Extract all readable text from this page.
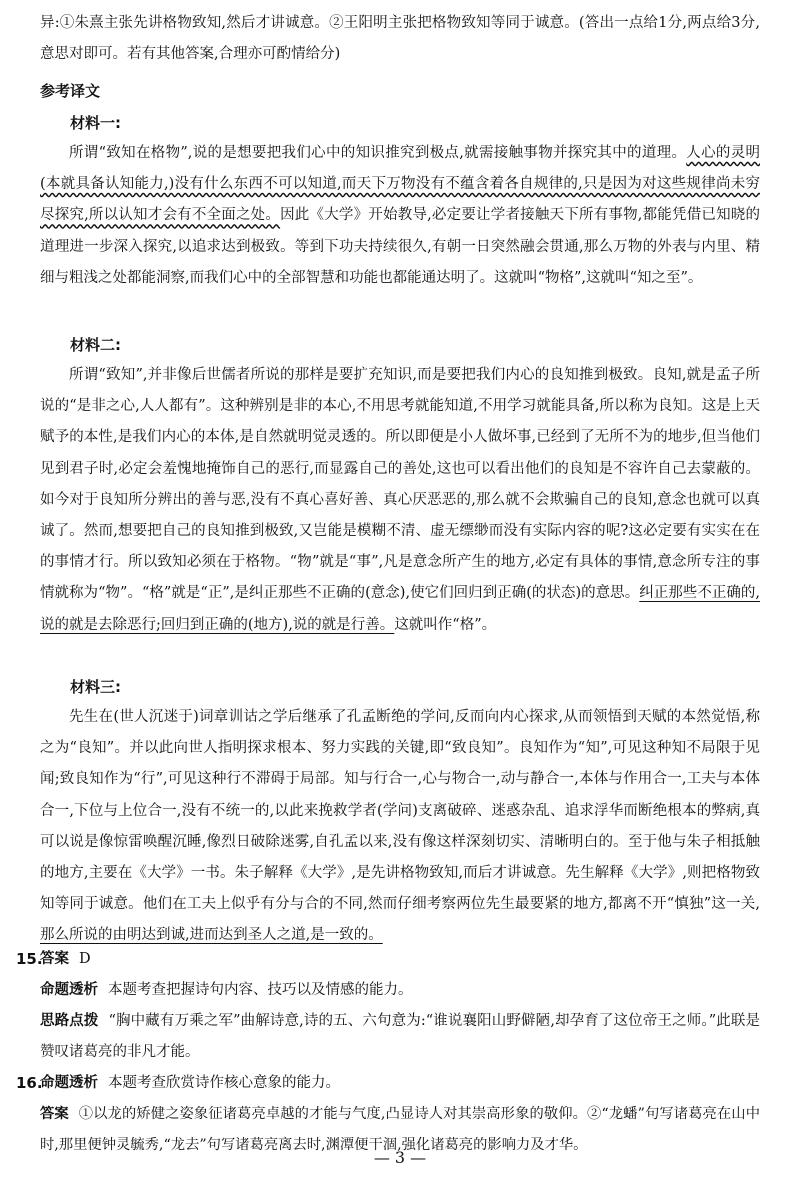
异:①朱熹主张先讲格物致知,然后才讲诚意。②王阳明主张把格物致知等同于诚意。(答出一点给1分,两点给3分,意思对即可。若有其他答案,合理亦可酌情给分)
参考译文
材料一:
所谓“致知在格物”,说的是想要把我们心中的知识推究到极点,就需接触事物并探究其中的道理。人心的灵明(本就具备认知能力,)没有什么东西不可以知道,而天下万物没有不蕴含着各自规律的,只是因为对这些规律尚未穷尽探究,所以认知才会有不全面之处。因此《大学》开始教导,必定要让学者接触天下所有事物,都能凭借已知晓的道理进一步深入探究,以追求达到极致。等到下功夫持续很久,有朝一日突然融会贯通,那么万物的外表与内里、精细与粗浅之处都能洞察,而我们心中的全部智慧和功能也都能通达明了。这就叫“物格”,这就叫“知之至”。
材料二:
所谓“致知”,并非像后世儒者所说的那样是要扩充知识,而是要把我们内心的良知推到极致。良知,就是孟子所说的“是非之心,人人都有”。这种辨别是非的本心,不用思考就能知道,不用学习就能具备,所以称为良知。这是上天赋予的本性,是我们内心的本体,是自然就明觉灵透的。所以即便是小人做坏事,已经到了无所不为的地步,但当他们见到君子时,必定会羞愧地掩饰自己的恶行,而显露自己的善处,这也可以看出他们的良知是不容许自己去蒙蔽的。如今对于良知所分辨出的善与恶,没有不真心喜好善、真心厌恶恶的,那么就不会欺骗自己的良知,意念也就可以真诚了。然而,想要把自己的良知推到极致,又岂能是模糊不清、虚无缥缈而没有实际内容的呢?这必定要有实实在在的事情才行。所以致知必须在于格物。“物”就是“事”,凡是意念所产生的地方,必定有具体的事情,意念所专注的事情就称为“物”。“格”就是“正”,是纠正那些不正确的(意念),使它们回归到正确(的状态)的意思。纠正那些不正确的,说的就是去除恶行;回归到正确的(地方),说的就是行善。这就叫作“格”。
材料三:
先生在(世人沉迷于)词章训诂之学后继承了孔孟断绝的学问,反而向内心探求,从而领悟到天赋的本然觉悟,称之为“良知”。并以此向世人指明探求根本、努力实践的关键,即“致良知”。良知作为“知”,可见这种知不局限于见闻;致良知作为“行”,可见这种行不滞碍于局部。知与行合一,心与物合一,动与静合一,本体与作用合一,工夫与本体合一,下位与上位合一,没有不统一的,以此来挽救学者(学问)支离破碎、迷惑杂乱、追求浮华而断绝根本的弊病,真可以说是像惊雷唤醒沉睡,像烈日破除迷雾,自孔孟以来,没有像这样深刻切实、清晰明白的。至于他与朱子相抵触的地方,主要在《大学》一书。朱子解释《大学》,是先讲格物致知,而后才讲诚意。先生解释《大学》,则把格物致知等同于诚意。他们在工夫上似乎有分与合的不同,然而仔细考察两位先生最要紧的地方,都离不开“慎独”这一关,那么所说的由明达到诚,进而达到圣人之道,是一致的。
15.
答案 D
命题透析 本题考查把握诗句内容、技巧以及情感的能力。
思路点拨 “胸中藏有万乘之军”曲解诗意,诗的五、六句意为:“谁说襄阳山野僻陋,却孕育了这位帝王之师。”此联是赞叹诸葛亮的非凡才能。
16.
命题透析 本题考查欣赏诗作核心意象的能力。
答案 ①以龙的矫健之姿象征诸葛亮卓越的才能与气度,凸显诗人对其崇高形象的敬仰。②“龙蟠”句写诸葛亮在山中时,那里便钟灵毓秀,“龙去”句写诸葛亮离去时,渊潭便干涸,强化诸葛亮的影响力及才华。
— 3 —
